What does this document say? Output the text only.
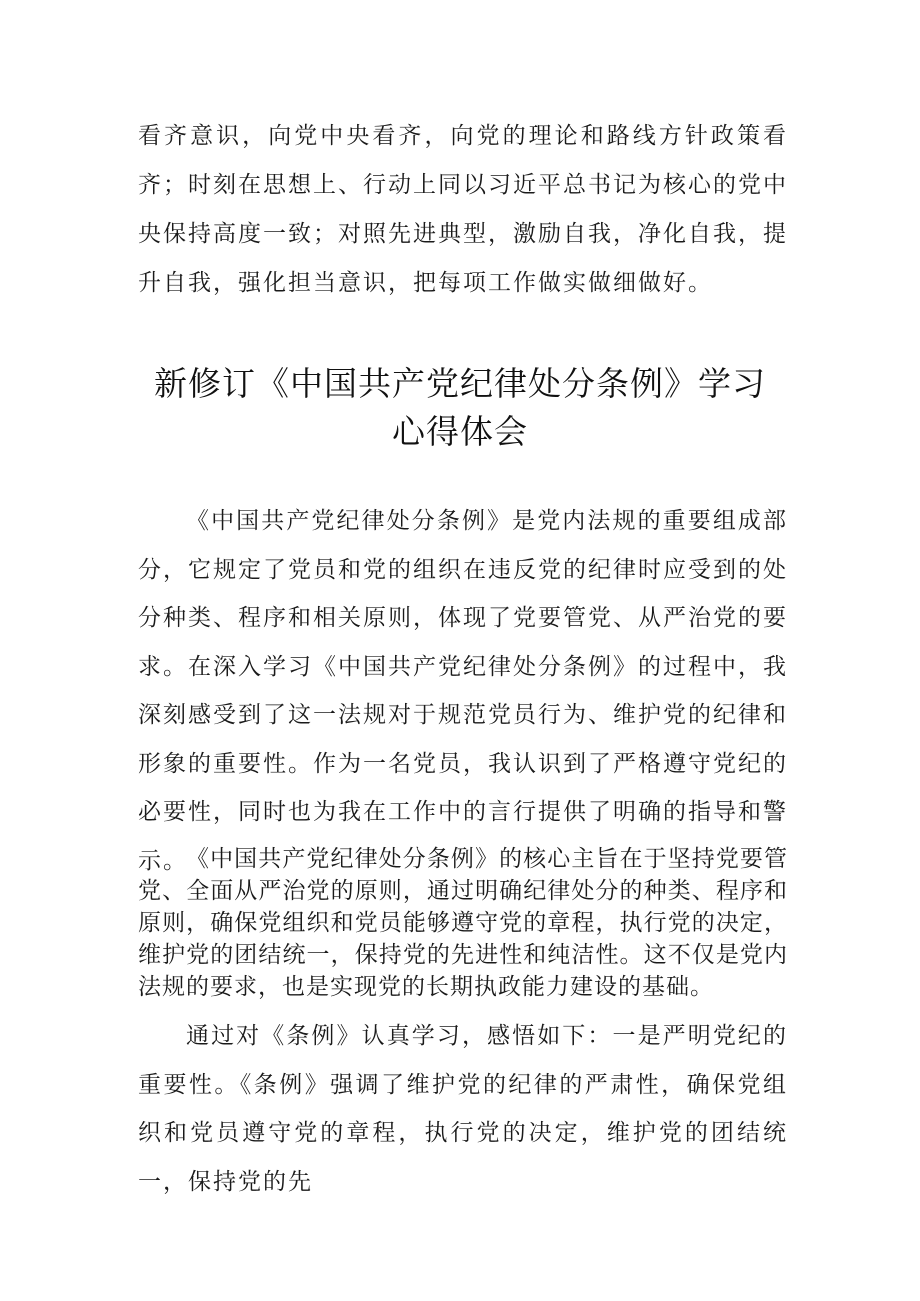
看齐意识，向党中央看齐，向党的理论和路线方针政策看齐；时刻在思想上、行动上同以习近平总书记为核心的党中央保持高度一致；对照先进典型，激励自我，净化自我，提升自我，强化担当意识，把每项工作做实做细做好。

新修订《中国共产党纪律处分条例》学习
心得体会

《中国共产党纪律处分条例》是党内法规的重要组成部分，它规定了党员和党的组织在违反党的纪律时应受到的处分种类、程序和相关原则，体现了党要管党、从严治党的要求。在深入学习《中国共产党纪律处分条例》的过程中，我深刻感受到了这一法规对于规范党员行为、维护党的纪律和形象的重要性。作为一名党员，我认识到了严格遵守党纪的必要性，同时也为我在工作中的言行提供了明确的指导和警示。

《中国共产党纪律处分条例》的核心主旨在于坚持党要管党、全面从严治党的原则，通过明确纪律处分的种类、程序和原则，确保党组织和党员能够遵守党的章程，执行党的决定，维护党的团结统一，保持党的先进性和纯洁性。这不仅是党内法规的要求，也是实现党的长期执政能力建设的基础。

通过对《条例》认真学习，感悟如下：一是严明党纪的重要性。《条例》强调了维护党的纪律的严肃性，确保党组织和党员遵守党的章程，执行党的决定，维护党的团结统一，保持党的先
